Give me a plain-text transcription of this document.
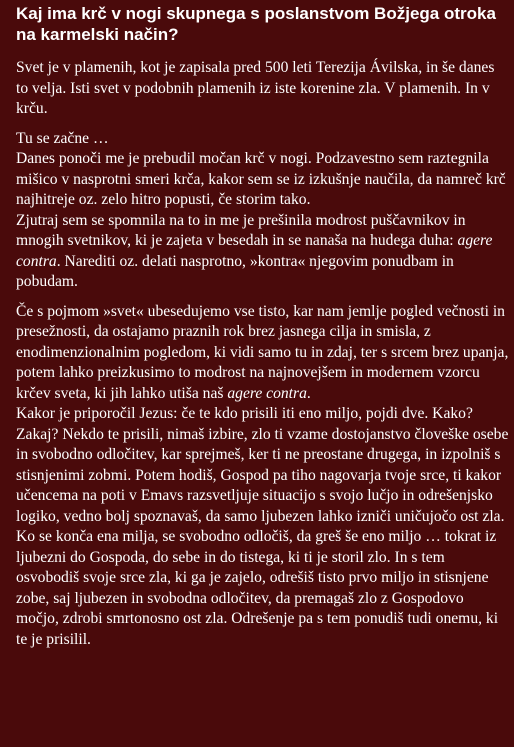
Kaj ima krč v nogi skupnega s poslanstvom Božjega otroka na karmelski način?

Svet je v plamenih, kot je zapisala pred 500 leti Terezija Ávilska, in še danes to velja. Isti svet v podobnih plamenih iz iste korenine zla. V plamenih. In v krču.

Tu se začne …

Danes ponoči me je prebudil močan krč v nogi. Podzavestno sem raztegnila mišico v nasprotni smeri krča, kakor sem se iz izkušnje naučila, da namreč krč najhitreje oz. zelo hitro popusti, če storim tako.

Zjutraj sem se spomnila na to in me je prešinila modrost puščavnikov in mnogih svetnikov, ki je zajeta v besedah in se nanaša na hudega duha: agere contra. Narediti oz. delati nasprotno, »kontra« njegovim ponudbam in pobudam.

Če s pojmom »svet« ubesedujemo vse tisto, kar nam jemlje pogled večnosti in presežnosti, da ostajamo praznih rok brez jasnega cilja in smisla, z enodimenzionalnim pogledom, ki vidi samo tu in zdaj, ter s srcem brez upanja, potem lahko preizkusimo to modrost na najnovejšem in modernem vzorcu krčev sveta, ki jih lahko utiša naš agere contra.

Kakor je priporočil Jezus: če te kdo prisili iti eno miljo, pojdi dve. Kako? Zakaj? Nekdo te prisili, nimaš izbire, zlo ti vzame dostojanstvo človeške osebe in svobodno odločitev, kar sprejmeš, ker ti ne preostane drugega, in izpolniš s stisnjenimi zobmi. Potem hodiš, Gospod pa tiho nagovarja tvoje srce, ti kakor učencema na poti v Emavs razsvetljuje situacijo s svojo lučjo in odrešenjsko logiko, vedno bolj spoznavaš, da samo ljubezen lahko izniči uničujočo ost zla. Ko se konča ena milja, se svobodno odločiš, da greš še eno miljo … tokrat iz ljubezni do Gospoda, do sebe in do tistega, ki ti je storil zlo. In s tem osvobodiš svoje srce zla, ki ga je zajelo, odrešiš tisto prvo miljo in stisnjene zobe, saj ljubezen in svobodna odločitev, da premagaš zlo z Gospodovo močjo, zdrobi smrtonosno ost zla. Odrešenje pa s tem ponudiš tudi onemu, ki te je prisilil.
